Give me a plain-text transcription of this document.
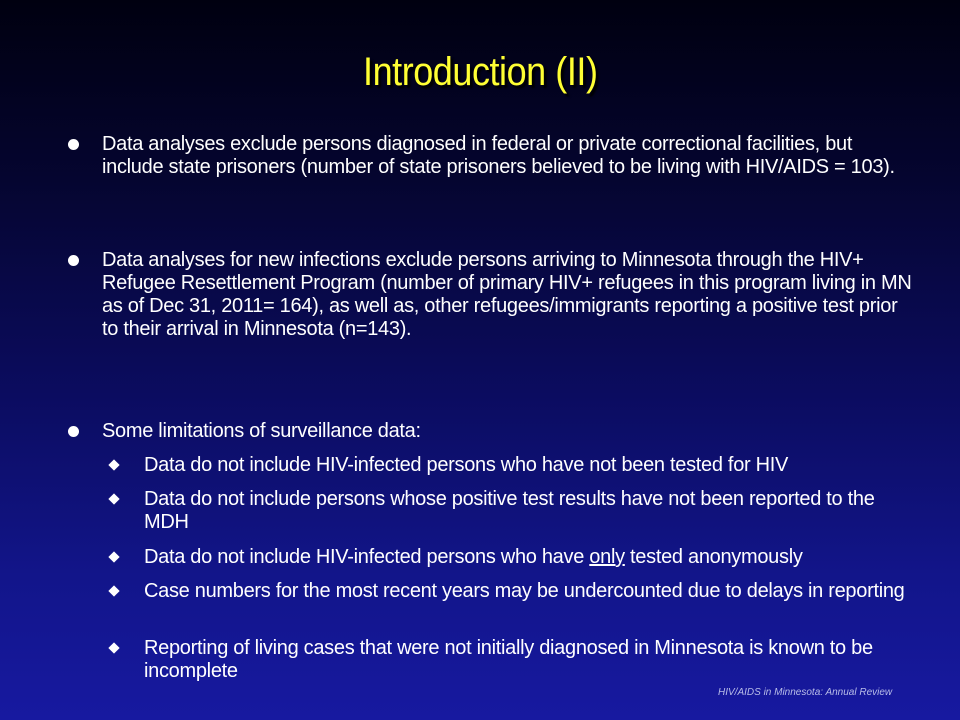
Introduction (II)
Data analyses exclude persons diagnosed in federal or private correctional facilities, but include state prisoners (number of state prisoners believed to be living with HIV/AIDS = 103).
Data analyses for new infections exclude persons arriving to Minnesota through the HIV+ Refugee Resettlement Program (number of primary HIV+ refugees in this program living in MN as of Dec 31, 2011= 164), as well as, other refugees/immigrants reporting a positive test prior to their arrival in Minnesota (n=143).
Some limitations of surveillance data:
Data do not include HIV-infected persons who have not been tested for HIV
Data do not include persons whose positive test results have not been reported to the MDH
Data do not include HIV-infected persons who have only tested anonymously
Case numbers for the most recent years may be undercounted due to delays in reporting
Reporting of living cases that were not initially diagnosed in Minnesota is known to be incomplete
HIV/AIDS in Minnesota: Annual Review
